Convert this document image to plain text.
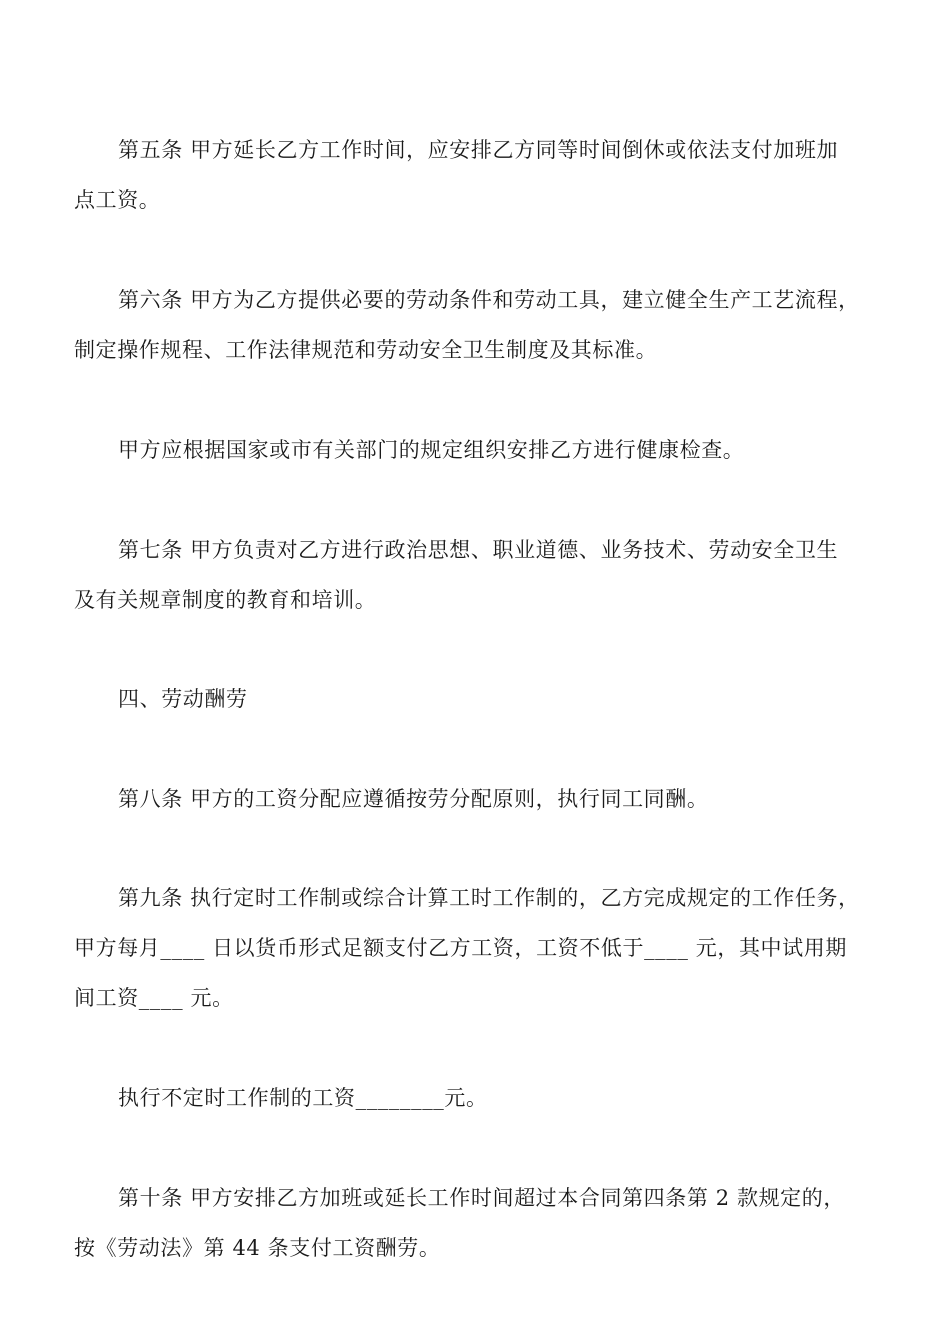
第五条 甲方延长乙方工作时间，应安排乙方同等时间倒休或依法支付加班加
点工资。
第六条 甲方为乙方提供必要的劳动条件和劳动工具，建立健全生产工艺流程，
制定操作规程、工作法律规范和劳动安全卫生制度及其标准。
甲方应根据国家或市有关部门的规定组织安排乙方进行健康检查。
第七条 甲方负责对乙方进行政治思想、职业道德、业务技术、劳动安全卫生
及有关规章制度的教育和培训。
四、劳动酬劳
第八条 甲方的工资分配应遵循按劳分配原则，执行同工同酬。
第九条 执行定时工作制或综合计算工时工作制的，乙方完成规定的工作任务，
甲方每月____ 日以货币形式足额支付乙方工资，工资不低于____ 元，其中试用期
间工资____ 元。
执行不定时工作制的工资________元。
第十条 甲方安排乙方加班或延长工作时间超过本合同第四条第 2 款规定的，
按《劳动法》第 44 条支付工资酬劳。
